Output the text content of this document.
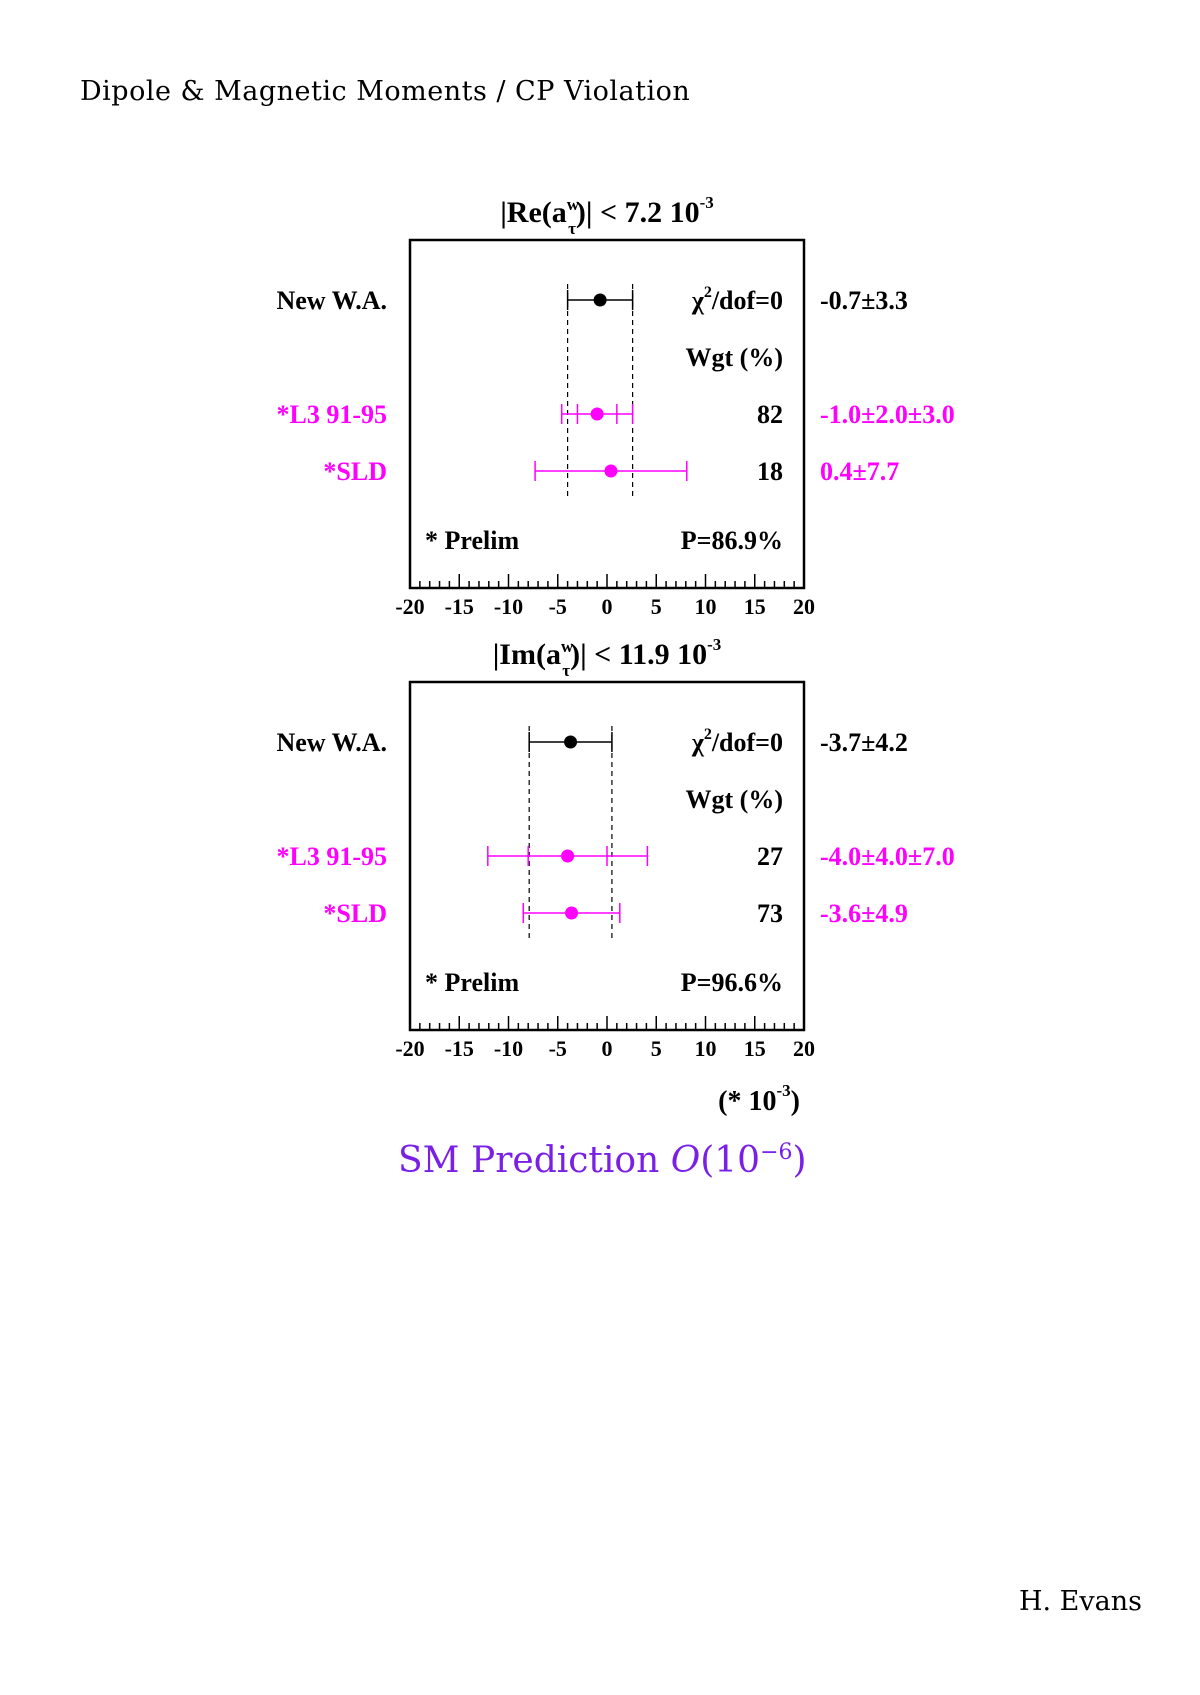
Dipole & Magnetic Moments / CP Violation
$|Re(a^w$ τ)| < 7.2 $10^{-3}$
-20 -15 -10 -5 0 5 10 15 20
New W.A.	-0.7±3.3
*L3 91-95	82 -1.0±2.0±3.0
*SLD	18 0.4±7.7
$\chi^2/dof=0$
Wgt (%)
* Prelim	P=86.9%
$|Im(a^w$ τ)| < 11.9 $10^{-3}$
-20 -15 -10 -5 0 5 10 15 20
New W.A.	-3.7±4.2
*L3 91-95	27 -4.0±4.0±7.0
*SLD	73 -3.6±4.9
$\chi^2/dof=0$
Wgt (%)
* Prelim	P=96.6%
(* $10^{-3}$)
SM Prediction $O(10^{-6})$
H. Evans
